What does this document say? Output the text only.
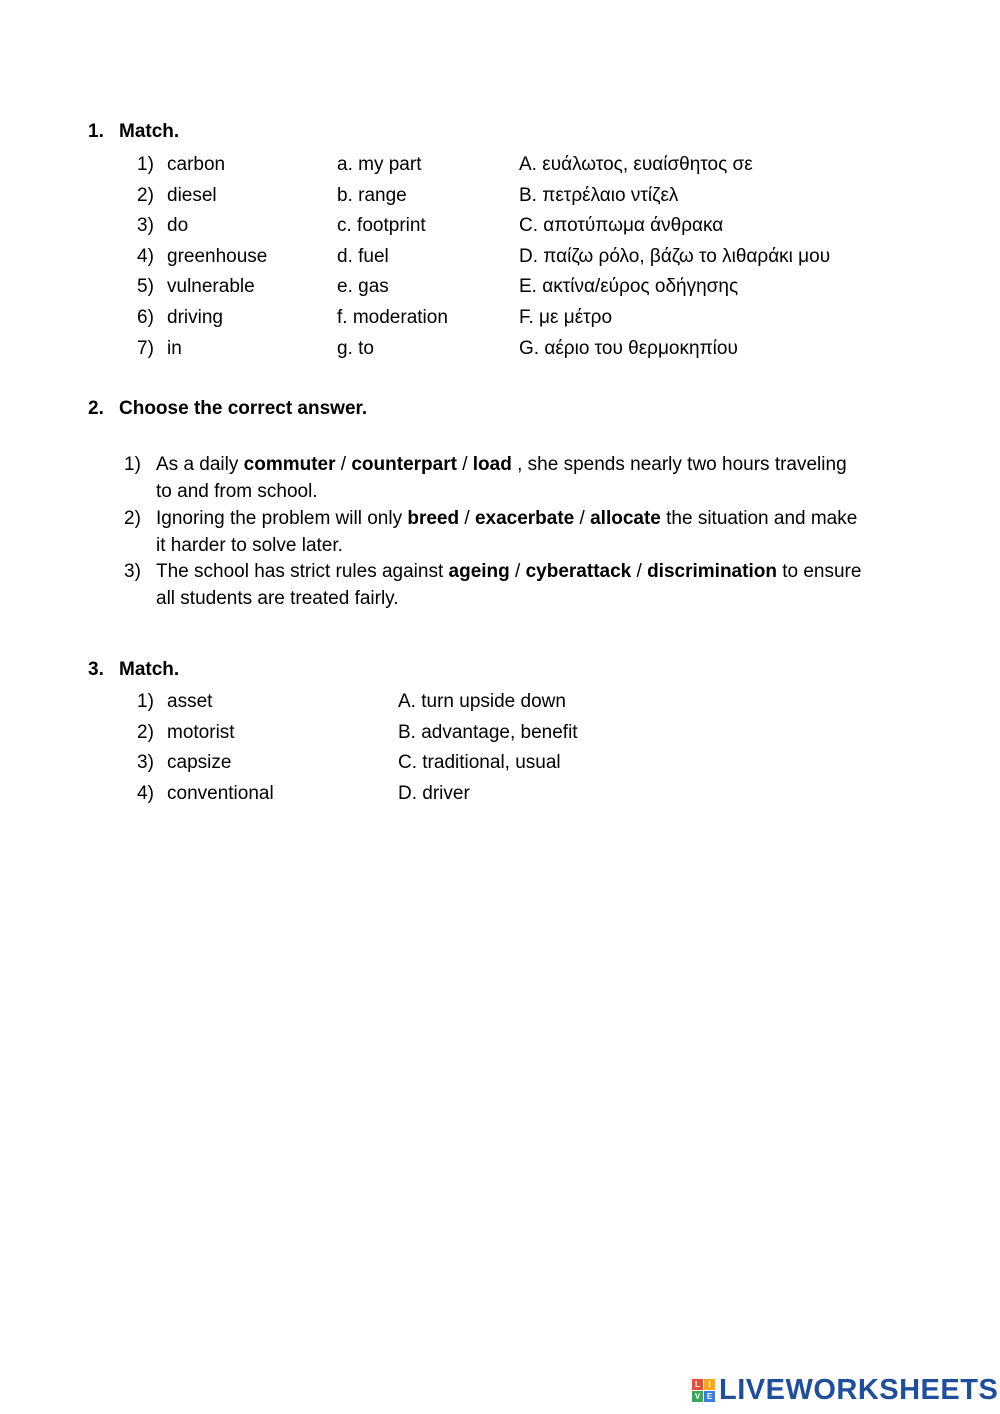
1. Match.
1) carbon	a. my part	A. ευάλωτος, ευαίσθητος σε
2) diesel	b. range	B. πετρέλαιο ντίζελ
3) do	c. footprint	C. αποτύπωμα άνθρακα
4) greenhouse	d. fuel	D. παίζω ρόλο, βάζω το λιθαράκι μου
5) vulnerable	e. gas	E. ακτίνα/εύρος οδήγησης
6) driving	f. moderation	F. με μέτρο
7) in	g. to	G. αέριο του θερμοκηπίου
2. Choose the correct answer.
1) As a daily commuter / counterpart / load , she spends nearly two hours traveling to and from school.
2) Ignoring the problem will only breed / exacerbate / allocate the situation and make it harder to solve later.
3) The school has strict rules against ageing / cyberattack / discrimination to ensure all students are treated fairly.
3. Match.
1) asset	A. turn upside down
2) motorist	B. advantage, benefit
3) capsize	C. traditional, usual
4) conventional	D. driver
L	I
V E LIVEWORKSHEETS
